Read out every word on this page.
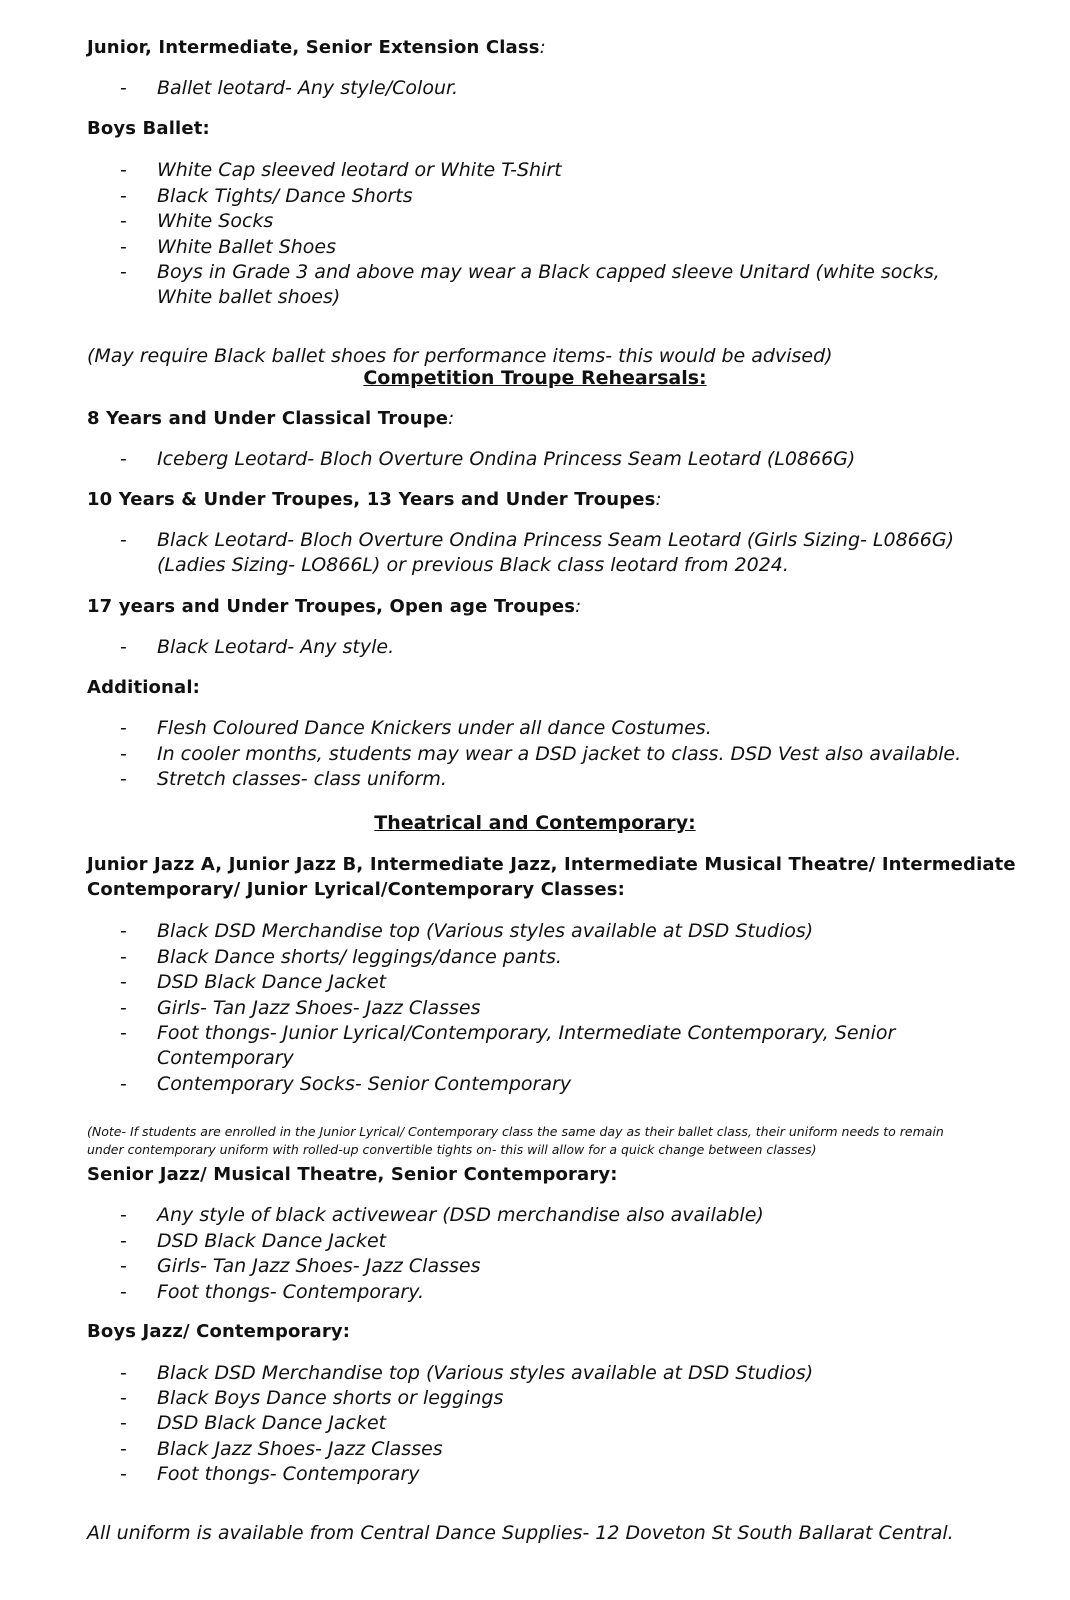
Junior, Intermediate, Senior Extension Class:

- Ballet leotard- Any style/Colour.

Boys Ballet:

- White Cap sleeved leotard or White T-Shirt
- Black Tights/ Dance Shorts
- White Socks
- White Ballet Shoes
- Boys in Grade 3 and above may wear a Black capped sleeve Unitard (white socks,
White ballet shoes)

(May require Black ballet shoes for performance items- this would be advised)

Competition Troupe Rehearsals:

8 Years and Under Classical Troupe:

- Iceberg Leotard- Bloch Overture Ondina Princess Seam Leotard (L0866G)

10 Years & Under Troupes, 13 Years and Under Troupes:

- Black Leotard- Bloch Overture Ondina Princess Seam Leotard (Girls Sizing- L0866G)
(Ladies Sizing- LO866L) or previous Black class leotard from 2024.

17 years and Under Troupes, Open age Troupes:

- Black Leotard- Any style.

Additional:

- Flesh Coloured Dance Knickers under all dance Costumes.
- In cooler months, students may wear a DSD jacket to class. DSD Vest also available.
- Stretch classes- class uniform.

Theatrical and Contemporary:

Junior Jazz A, Junior Jazz B, Intermediate Jazz, Intermediate Musical Theatre/ Intermediate

Contemporary/ Junior Lyrical/Contemporary Classes:

- Black DSD Merchandise top (Various styles available at DSD Studios)
- Black Dance shorts/ leggings/dance pants.
- DSD Black Dance Jacket
- Girls- Tan Jazz Shoes- Jazz Classes
- Foot thongs- Junior Lyrical/Contemporary, Intermediate Contemporary, Senior
Contemporary
- Contemporary Socks- Senior Contemporary

(Note- If students are enrolled in the Junior Lyrical/ Contemporary class the same day as their ballet class, their uniform needs to remain

under contemporary uniform with rolled-up convertible tights on- this will allow for a quick change between classes)

Senior Jazz/ Musical Theatre, Senior Contemporary:

- Any style of black activewear (DSD merchandise also available)
- DSD Black Dance Jacket
- Girls- Tan Jazz Shoes- Jazz Classes
- Foot thongs- Contemporary.

Boys Jazz/ Contemporary:

- Black DSD Merchandise top (Various styles available at DSD Studios)
- Black Boys Dance shorts or leggings
- DSD Black Dance Jacket
- Black Jazz Shoes- Jazz Classes
- Foot thongs- Contemporary

All uniform is available from Central Dance Supplies- 12 Doveton St South Ballarat Central.
